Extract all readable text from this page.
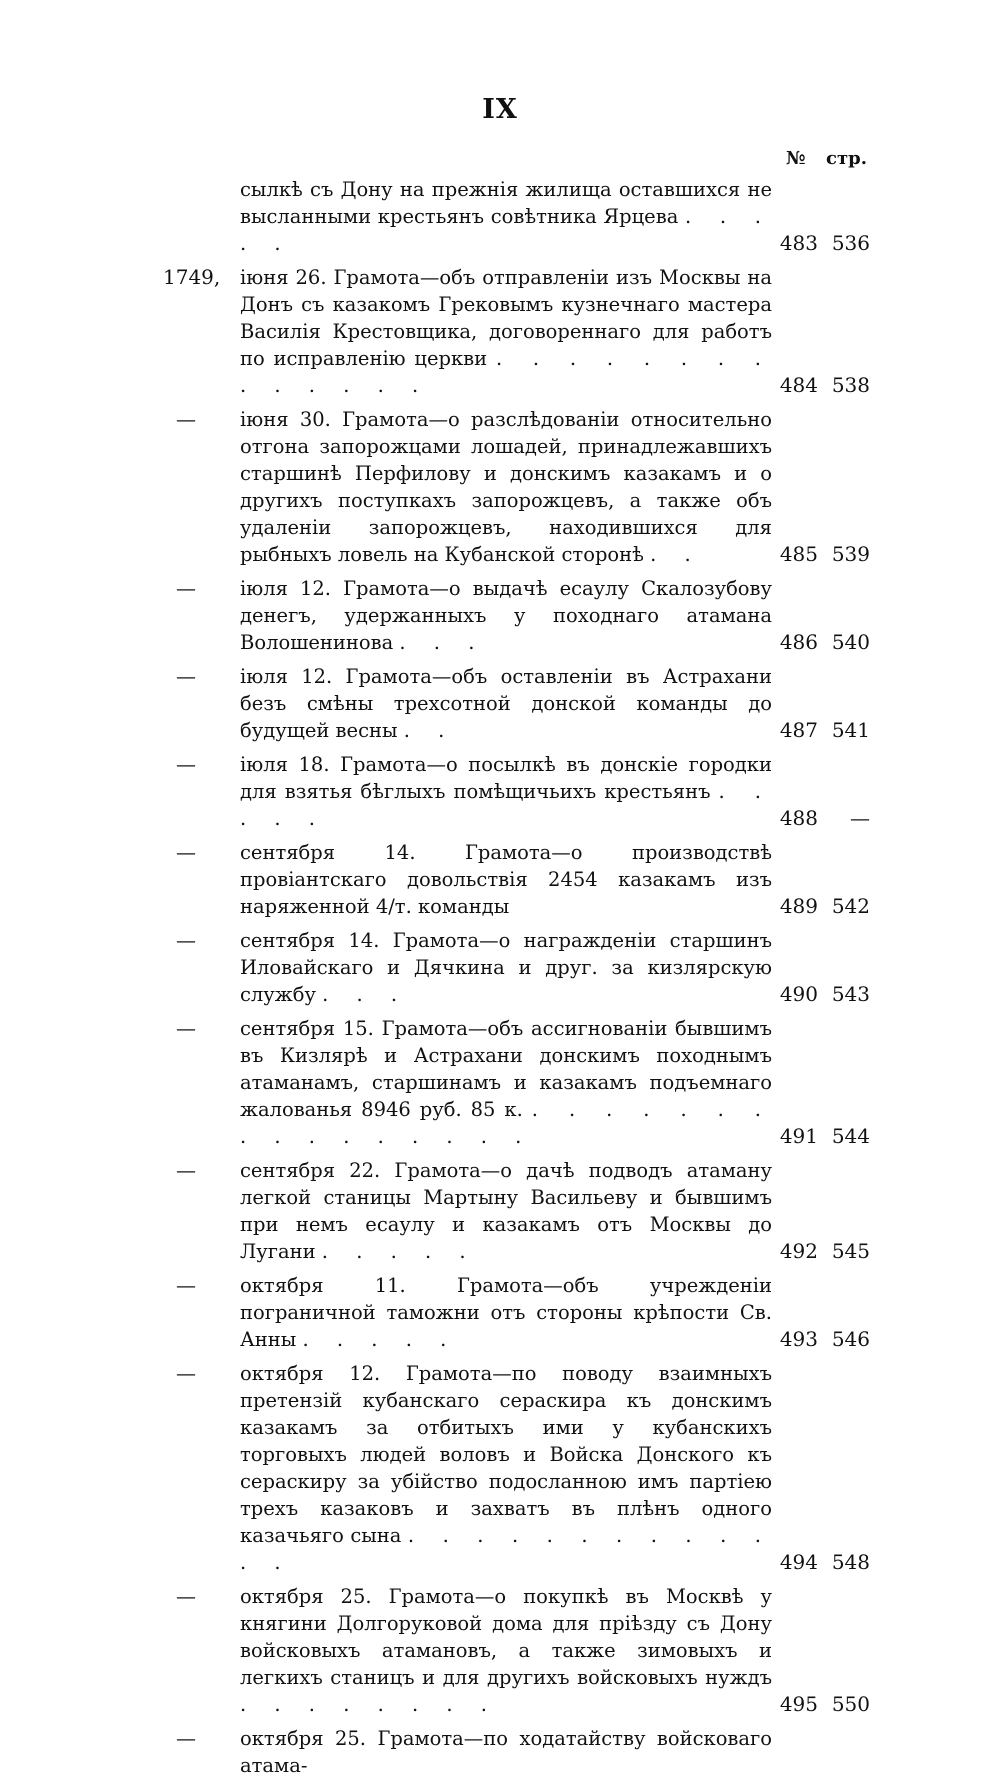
IX
№ стр.
сылкѣ съ Дону на прежнія жилища оставшихся не высланными крестьянъ совѣтника Ярцева . . . . .	483 536
1749,	іюня 26. Грамота—объ отправленіи изъ Москвы на Донъ съ казакомъ Грековымъ кузнечнаго мастера Василія Крестовщика, договореннаго для работъ по исправленію церкви . . . . . . . . . . . . . .	484 538
—	іюня 30. Грамота—о разслѣдованіи относительно отгона запорожцами лошадей, принадлежавшихъ старшинѣ Перфилову и донскимъ казакамъ и о другихъ поступкахъ запорожцевъ, а также объ удаленіи запорожцевъ, находившихся для рыбныхъ ловель на Кубанской сторонѣ . .	485 539
—	іюля 12. Грамота—о выдачѣ есаулу Скалозубову денегъ, удержанныхъ у походнаго атамана Волошенинова . . .	486 540
—	іюля 12. Грамота—объ оставленіи въ Астрахани безъ смѣны трехсотной донской команды до будущей весны . .	487 541
—	іюля 18. Грамота—о посылкѣ въ донскіе городки для взятья бѣглыхъ помѣщичьихъ крестьянъ . . . . .	488	—
—	сентября 14. Грамота—о производствѣ провіантскаго довольствія 2454 казакамъ изъ наряженной 4/т. команды	489 542
—	сентября 14. Грамота—о награжденіи старшинъ Иловайскаго и Дячкина и друг. за кизлярскую службу . . .	490 543
—	сентября 15. Грамота—объ ассигнованіи бывшимъ въ Кизлярѣ и Астрахани донскимъ походнымъ атаманамъ, старшинамъ и казакамъ подъемнаго жалованья 8946 руб. 85 к. . . . . . . . . . . . . . . . .	491 544
—	сентября 22. Грамота—о дачѣ подводъ атаману легкой станицы Мартыну Васильеву и бывшимъ при немъ есаулу и казакамъ отъ Москвы до Лугани . . . . .	492 545
—	октября 11. Грамота—объ учрежденіи пограничной таможни отъ стороны крѣпости Св. Анны . . . . .	493 546
—	октября 12. Грамота—по поводу взаимныхъ претензій кубанскаго сераскира къ донскимъ казакамъ за отбитыхъ ими у кубанскихъ торговыхъ людей воловъ и Войска Донского къ сераскиру за убійство подосланною имъ партіею трехъ казаковъ и захватъ въ плѣнъ одного казачьяго сына . . . . . . . . . . . . .	494 548
—	октября 25. Грамота—о покупкѣ въ Москвѣ у княгини Долгоруковой дома для пріѣзду съ Дону войсковыхъ атамановъ, а также зимовыхъ и легкихъ станицъ и для другихъ войсковыхъ нуждъ . . . . . . . .	495 550
—	октября 25. Грамота—по ходатайству войсковаго атама-
